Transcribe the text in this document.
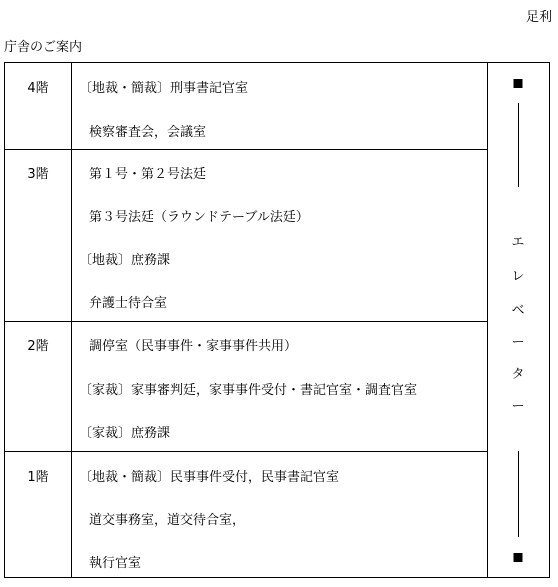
足利
庁舎のご案内
4階	〔地裁・簡裁〕刑事書記官室
検察審査会，会議室
3階	第１号・第２号法廷
第３号法廷（ラウンドテーブル法廷）
〔地裁〕庶務課
弁護士待合室
2階	調停室（民事事件・家事事件共用）
〔家裁〕家事審判廷，家事事件受付・書記官室・調査官室
〔家裁〕庶務課
1階	〔地裁・簡裁〕民事事件受付，民事書記官室
道交事務室，道交待合室，
執行官室
エ
レ
ベ
ー
タ
ー
